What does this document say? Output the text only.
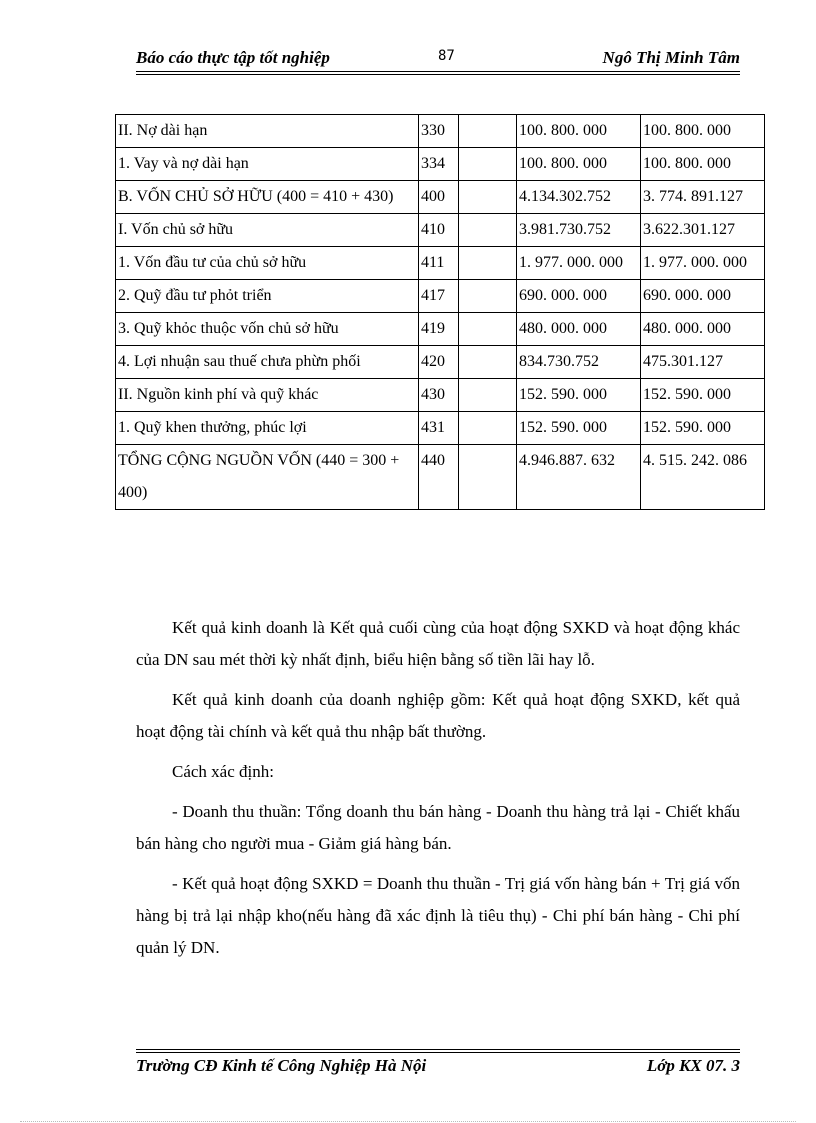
Báo cáo thực tập tốt nghiệp	87	Ngô Thị Minh Tâm
II. Nợ dài hạn	330		100. 800. 000	100. 800. 000
1. Vay và nợ dài hạn	334		100. 800. 000	100. 800. 000
B. VỐN CHỦ SỞ HỮU (400 = 410 + 430)	400		4.134.302.752	3. 774. 891.127
I. Vốn chủ sở hữu	410		3.981.730.752	3.622.301.127
1. Vốn đầu tư của chủ sở hữu	411		1. 977. 000. 000	1. 977. 000. 000
2. Quỹ đầu tư phỏt triển	417		690. 000. 000	690. 000. 000
3. Quỹ khỏc thuộc vốn chủ sở hữu	419		480. 000. 000	480. 000. 000
4. Lợi nhuận sau thuế chưa phừn phối	420		834.730.752	475.301.127
II. Nguồn kinh phí và quỹ khác	430		152. 590. 000	152. 590. 000
1. Quỹ khen thưởng, phúc lợi	431		152. 590. 000	152. 590. 000
TỔNG CỘNG NGUỒN VỐN (440 = 300 + 400)	440		4.946.887. 632	4. 515. 242. 086

Kết quả kinh doanh là Kết quả cuối cùng của hoạt động SXKD và hoạt động khác của DN sau mét thời kỳ nhất định, biểu hiện bằng số tiền lãi hay lỗ.

Kết quả kinh doanh của doanh nghiệp gồm: Kết quả hoạt động SXKD, kết quả hoạt động tài chính và kết quả thu nhập bất thường.

Cách xác định:

- Doanh thu thuần: Tổng doanh thu bán hàng - Doanh thu hàng trả lại - Chiết khấu bán hàng cho người mua - Giảm giá hàng bán.

- Kết quả hoạt động SXKD = Doanh thu thuần - Trị giá vốn hàng bán + Trị giá vốn hàng bị trả lại nhập kho(nếu hàng đã xác định là tiêu thụ) - Chi phí bán hàng - Chi phí quản lý DN.

Trường CĐ Kinh tế Công Nghiệp Hà Nội	Lớp KX 07. 3
